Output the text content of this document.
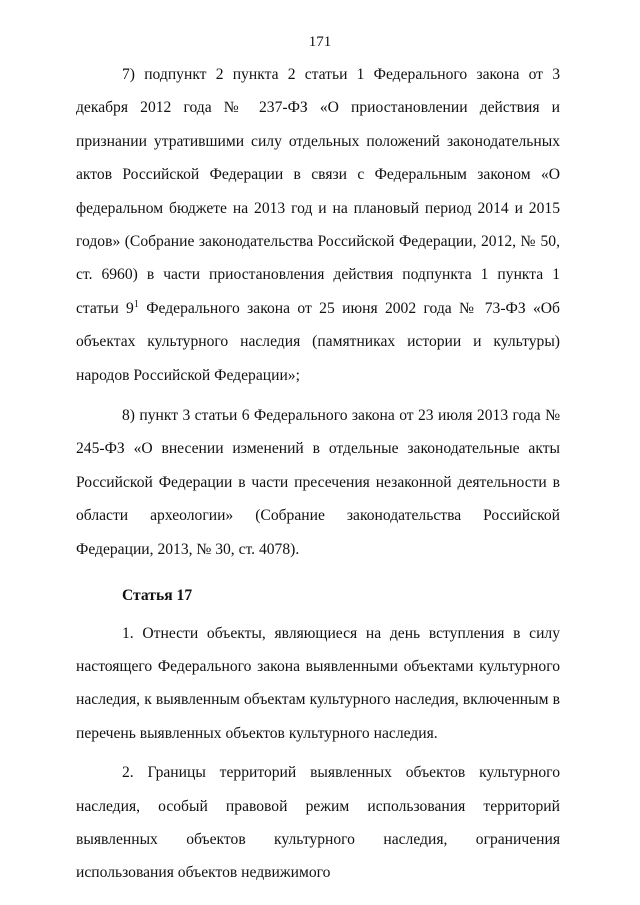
171

7) подпункт 2 пункта 2 статьи 1 Федерального закона от 3 декабря 2012 года № 237-ФЗ «О приостановлении действия и признании утратившими силу отдельных положений законодательных актов Российской Федерации в связи с Федеральным законом «О федеральном бюджете на 2013 год и на плановый период 2014 и 2015 годов» (Собрание законодательства Российской Федерации, 2012, № 50, ст. 6960) в части приостановления действия подпункта 1 пункта 1 статьи $9^1$ Федерального закона от 25 июня 2002 года № 73-ФЗ «Об объектах культурного наследия (памятниках истории и культуры) народов Российской Федерации»;

8) пункт 3 статьи 6 Федерального закона от 23 июля 2013 года № 245-ФЗ «О внесении изменений в отдельные законодательные акты Российской Федерации в части пресечения незаконной деятельности в области археологии» (Собрание законодательства Российской Федерации, 2013, № 30, ст. 4078).

Статья 17

1. Отнести объекты, являющиеся на день вступления в силу настоящего Федерального закона выявленными объектами культурного наследия, к выявленным объектам культурного наследия, включенным в перечень выявленных объектов культурного наследия.

2. Границы территорий выявленных объектов культурного наследия, особый правовой режим использования территорий выявленных объектов культурного наследия, ограничения использования объектов недвижимого
